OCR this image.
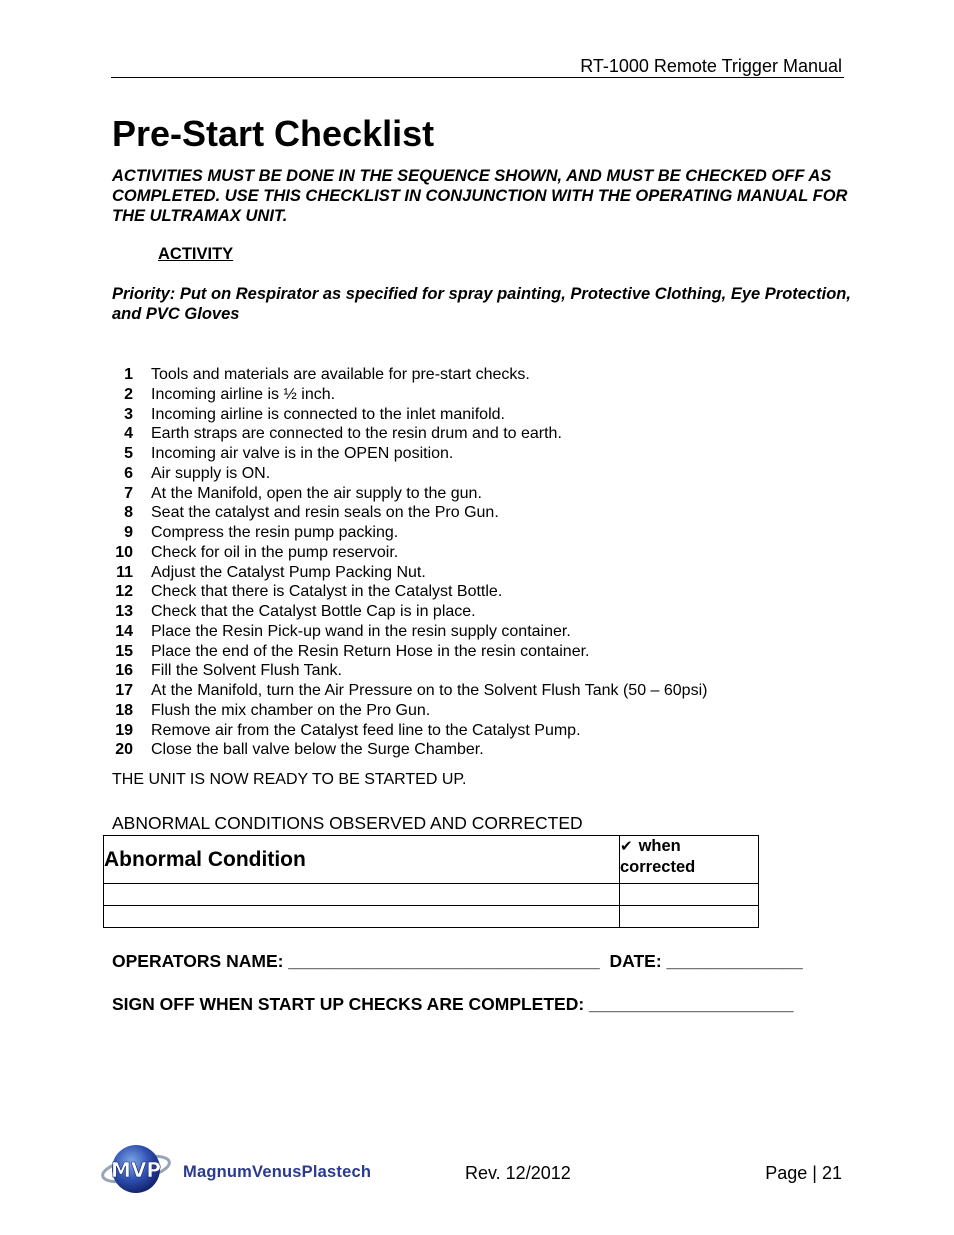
RT-1000 Remote Trigger Manual
Pre-Start Checklist
ACTIVITIES MUST BE DONE IN THE SEQUENCE SHOWN, AND MUST BE CHECKED OFF AS COMPLETED. USE THIS CHECKLIST IN CONJUNCTION WITH THE OPERATING MANUAL FOR THE ULTRAMAX UNIT.
ACTIVITY
Priority: Put on Respirator as specified for spray painting, Protective Clothing, Eye Protection, and PVC Gloves
1 Tools and materials are available for pre-start checks.
2 Incoming airline is ½ inch.
3 Incoming airline is connected to the inlet manifold.
4 Earth straps are connected to the resin drum and to earth.
5 Incoming air valve is in the OPEN position.
6 Air supply is ON.
7 At the Manifold, open the air supply to the gun.
8 Seat the catalyst and resin seals on the Pro Gun.
9 Compress the resin pump packing.
10 Check for oil in the pump reservoir.
11 Adjust the Catalyst Pump Packing Nut.
12 Check that there is Catalyst in the Catalyst Bottle.
13 Check that the Catalyst Bottle Cap is in place.
14 Place the Resin Pick-up wand in the resin supply container.
15 Place the end of the Resin Return Hose in the resin container.
16 Fill the Solvent Flush Tank.
17 At the Manifold, turn the Air Pressure on to the Solvent Flush Tank (50 – 60psi)
18 Flush the mix chamber on the Pro Gun.
19 Remove air from the Catalyst feed line to the Catalyst Pump.
20 Close the ball valve below the Surge Chamber.
THE UNIT IS NOW READY TO BE STARTED UP.
ABNORMAL CONDITIONS OBSERVED AND CORRECTED
Abnormal Condition	✔ when
corrected

OPERATORS NAME: ________________________________  DATE: ______________
SIGN OFF WHEN START UP CHECKS ARE COMPLETED: _____________________
MVP MagnumVenusPlastech	Rev. 12/2012	Page | 21
